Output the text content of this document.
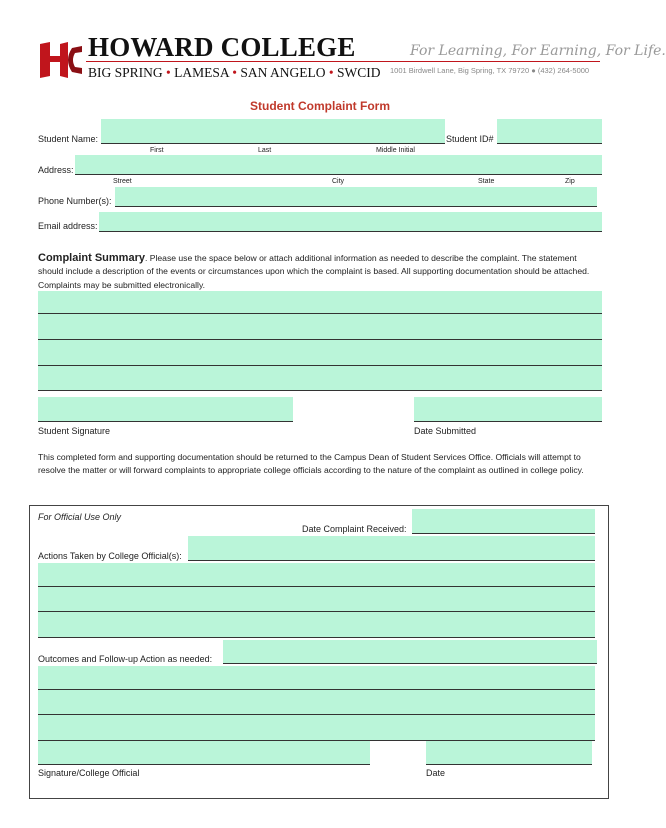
HOWARD COLLEGE
BIG SPRING • LAMESA • SAN ANGELO • SWCID
For Learning, For Earning, For Life.
1001 Birdwell Lane, Big Spring, TX 79720 ● (432) 264-5000
Student Complaint Form
Student Name:	Student ID#
First	Last	Middle Initial
Address:
Street	City	State	Zip
Phone Number(s):
Email address:
Complaint Summary. Please use the space below or attach additional information as needed to describe the complaint. The statement should include a description of the events or circumstances upon which the complaint is based. All supporting documentation should be attached. Complaints may be submitted electronically.
Student Signature	Date Submitted
This completed form and supporting documentation should be returned to the Campus Dean of Student Services Office. Officials will attempt to resolve the matter or will forward complaints to appropriate college officials according to the nature of the complaint as outlined in college policy.
For Official Use Only
Date Complaint Received:
Actions Taken by College Official(s):
Outcomes and Follow-up Action as needed:
Signature/College Official	Date
